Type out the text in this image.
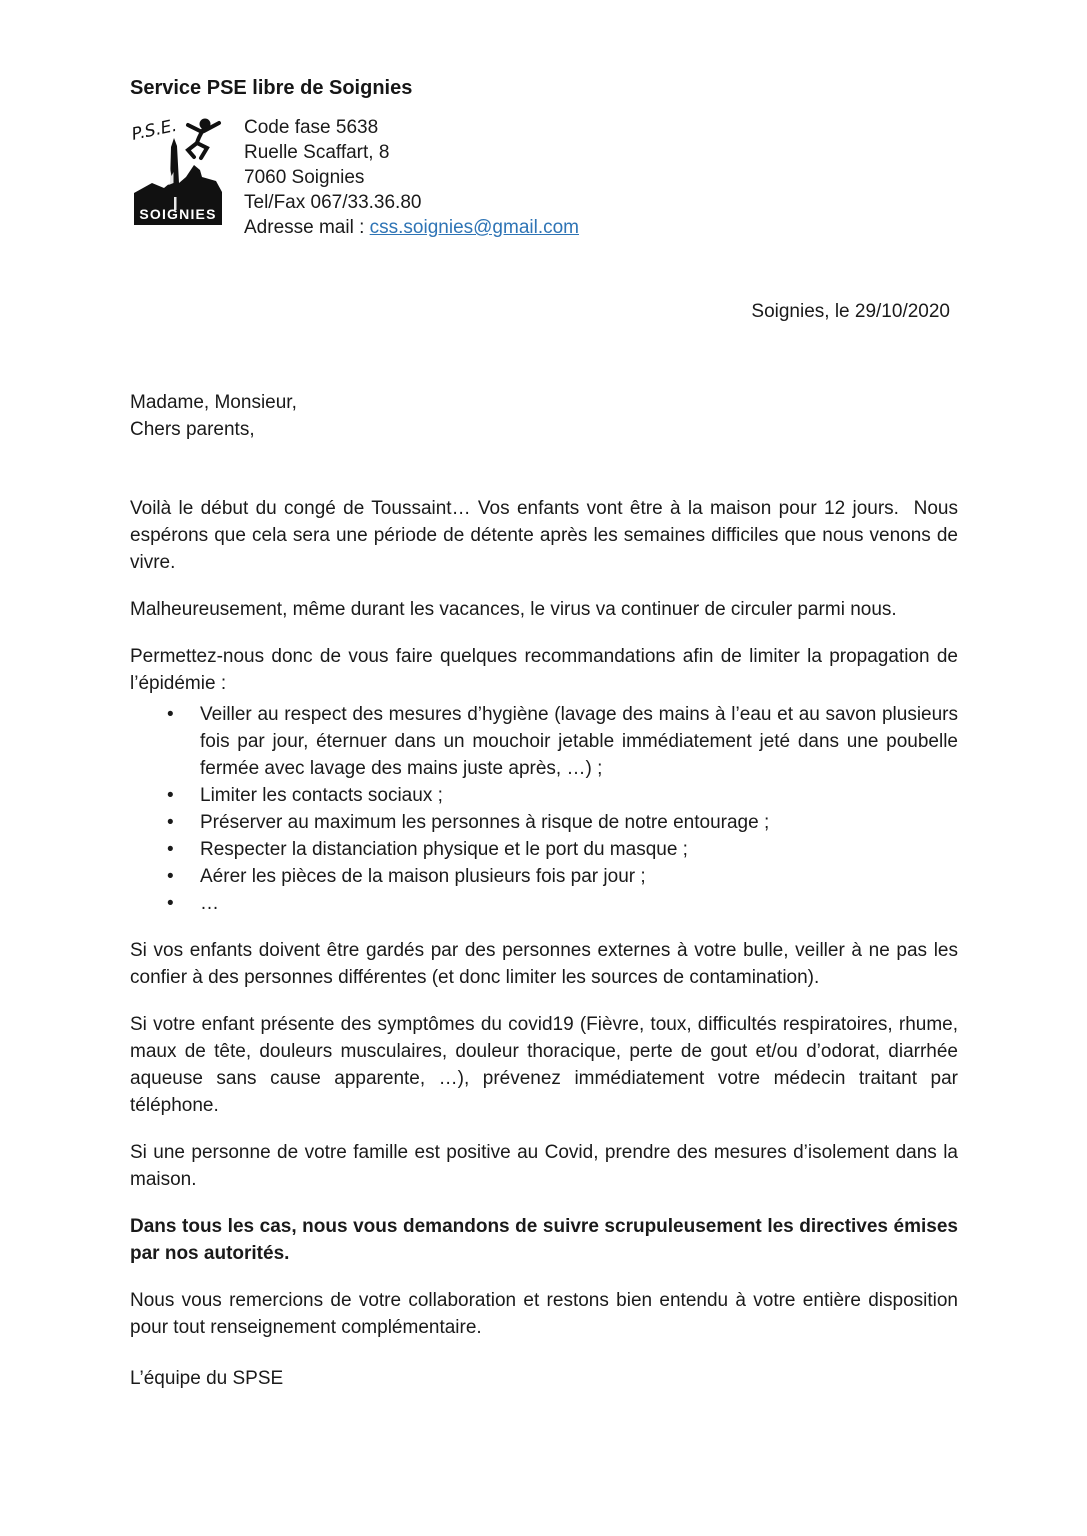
Service PSE libre de Soignies
P.S.E.
SOIGNIES
Code fase 5638
Ruelle Scaffart, 8
7060 Soignies
Tel/Fax 067/33.36.80
Adresse mail : css.soignies@gmail.com
Soignies, le 29/10/2020
Madame, Monsieur,
Chers parents,

Voilà le début du congé de Toussaint… Vos enfants vont être à la maison pour 12 jours.  Nous espérons que cela sera une période de détente après les semaines difficiles que nous venons de vivre.

Malheureusement, même durant les vacances, le virus va continuer de circuler parmi nous.

Permettez-nous donc de vous faire quelques recommandations afin de limiter la propagation de l’épidémie :

•	Veiller au respect des mesures d’hygiène (lavage des mains à l’eau et au savon plusieurs fois par jour, éternuer dans un mouchoir jetable immédiatement jeté dans une poubelle fermée avec lavage des mains juste après, …) ;
•	Limiter les contacts sociaux ;
•	Préserver au maximum les personnes à risque de notre entourage ;
•	Respecter la distanciation physique et le port du masque ;
•	Aérer les pièces de la maison plusieurs fois par jour ;
•	…

Si vos enfants doivent être gardés par des personnes externes à votre bulle, veiller à ne pas les confier à des personnes différentes (et donc limiter les sources de contamination).

Si votre enfant présente des symptômes du covid19 (Fièvre, toux, difficultés respiratoires, rhume, maux de tête, douleurs musculaires, douleur thoracique, perte de gout et/ou d’odorat, diarrhée aqueuse sans cause apparente, …), prévenez immédiatement votre médecin traitant par téléphone.

Si une personne de votre famille est positive au Covid, prendre des mesures d’isolement dans la maison.

Dans tous les cas, nous vous demandons de suivre scrupuleusement les directives émises par nos autorités.

Nous vous remercions de votre collaboration et restons bien entendu à votre entière disposition pour tout renseignement complémentaire.

L’équipe du SPSE
